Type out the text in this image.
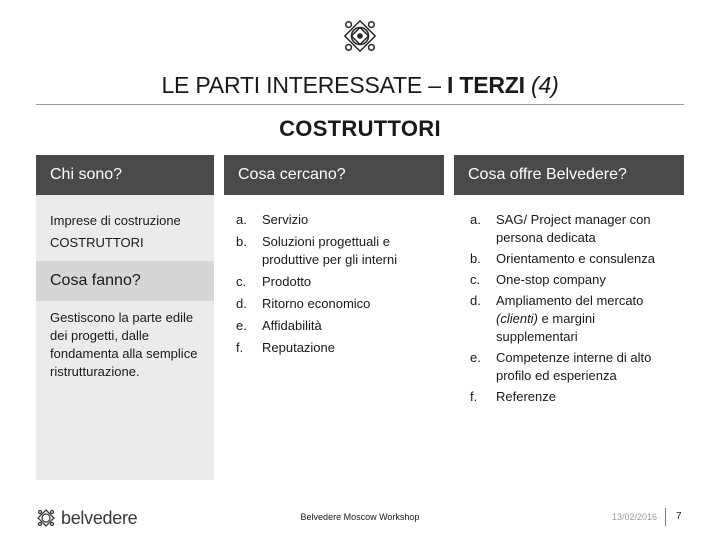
LE PARTI INTERESSATE – I TERZI (4)
COSTRUTTORI
Chi sono?	Cosa cercano?	Cosa offre Belvedere?
Imprese di costruzione
COSTRUTTORI
Cosa fanno?
Gestiscono la parte edile dei progetti, dalle fondamenta alla semplice ristrutturazione.
a.	Servizio
b.	Soluzioni progettuali e produttive per gli interni
c.	Prodotto
d.	Ritorno economico
e.	Affidabilità
f.	Reputazione
a.	SAG/ Project manager con persona dedicata
b.	Orientamento e consulenza
c.	One-stop company
d.	Ampliamento del mercato (clienti) e margini supplementari
e.	Competenze interne di alto profilo ed esperienza
f.	Referenze
belvedere	Belvedere Moscow Workshop	13/02/2016 7
